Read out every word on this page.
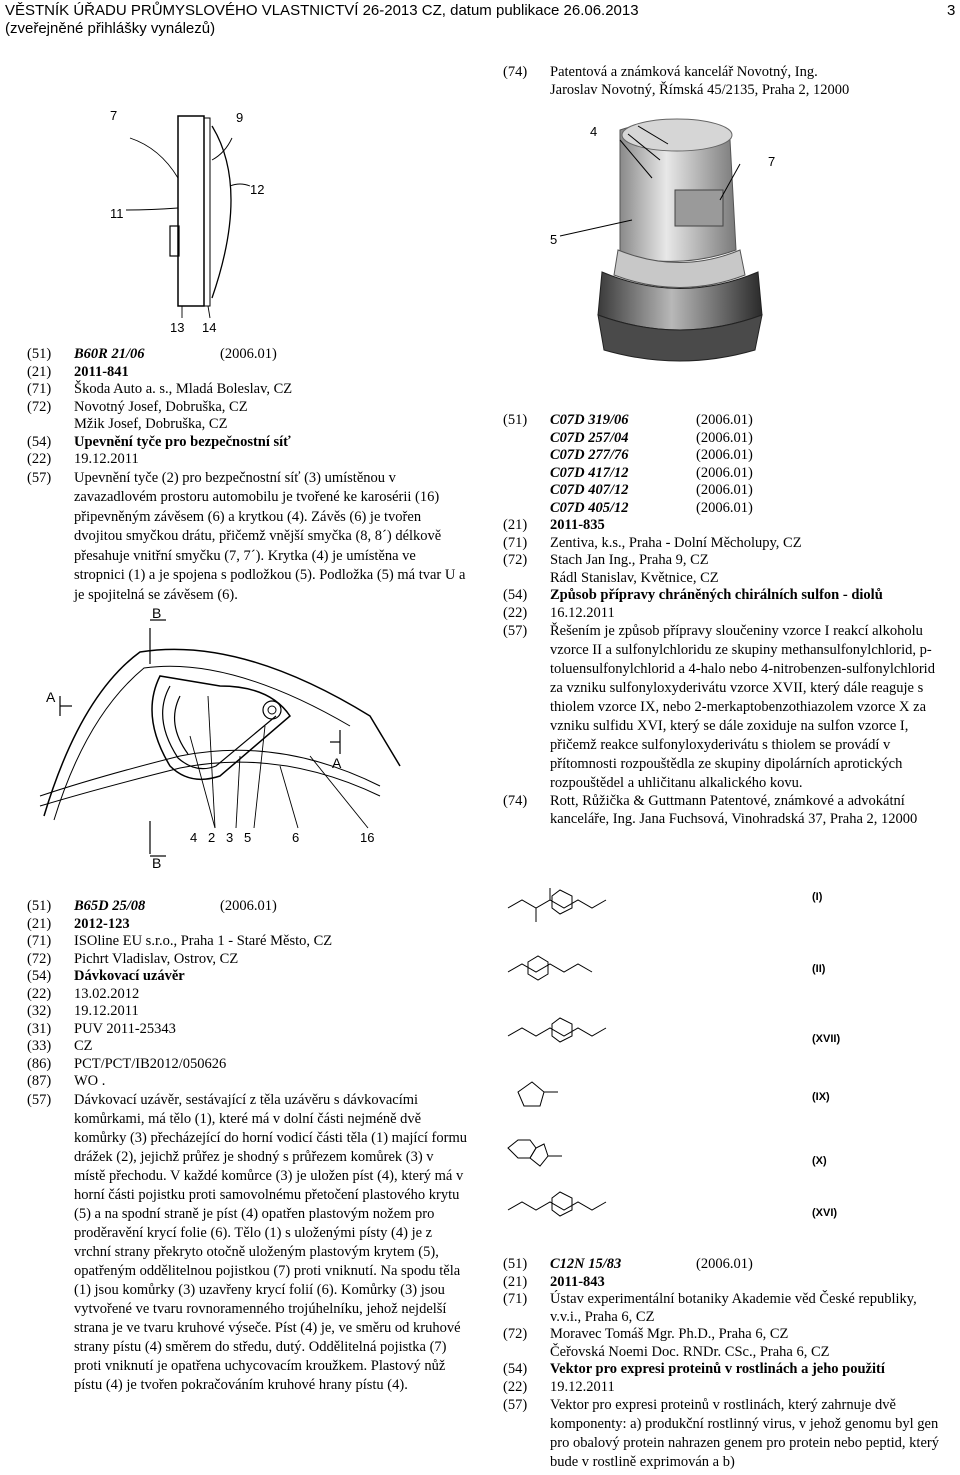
VĚSTNÍK ÚŘADU PRŮMYSLOVÉHO VLASTNICTVÍ 26-2013 CZ, datum publikace 26.06.2013
(zveřejněné přihlášky vynálezů)
3
(74)	Patentová a známková kancelář Novotný, Ing. Jaroslav Novotný, Římská 45/2135, Praha 2, 12000
7	9
12
11
13 14
4
7
5
(51)	B60R 21/06	(2006.01)
(21)	2011-841
(71)	Škoda Auto a. s., Mladá Boleslav, CZ
(72)	Novotný Josef, Dobruška, CZ
Mžik Josef, Dobruška, CZ
(54)	Upevnění tyče pro bezpečnostní síť
(22)	19.12.2011
(57)	Upevnění tyče (2) pro bezpečnostní síť (3) umístěnou v zavazadlovém prostoru automobilu je tvořené ke karosérii (16) připevněným závěsem (6) a krytkou (4). Závěs (6) je tvořen dvojitou smyčkou drátu, přičemž vnější smyčka (8, 8´) délkově přesahuje vnitřní smyčku (7, 7´). Krytka (4) je umístěna ve stropnici (1) a je spojena s podložkou (5). Podložka (5) má tvar U a je spojitelná se závěsem (6).
B
A
A
B
4 2 3 5	6	16
(51)	C07D 319/06	(2006.01)
C07D 257/04	(2006.01)
C07D 277/76	(2006.01)
C07D 417/12	(2006.01)
C07D 407/12	(2006.01)
C07D 405/12	(2006.01)
(21)	2011-835
(71)	Zentiva, k.s., Praha - Dolní Měcholupy, CZ
(72)	Stach Jan Ing., Praha 9, CZ
Rádl Stanislav, Květnice, CZ
(54)	Způsob přípravy chráněných chirálních sulfon - diolů
(22)	16.12.2011
(57)	Řešením je způsob přípravy sloučeniny vzorce I reakcí alkoholu vzorce II a sulfonylchloridu ze skupiny methansulfonylchlorid, p-toluensulfonylchlorid a 4-halo nebo 4-nitrobenzen-sulfonylchlorid za vzniku sulfonyloxyderivátu vzorce XVII, který dále reaguje s thiolem vzorce IX, nebo 2-merkaptobenzothiazolem vzorce X za vzniku sulfidu XVI, který se dále zoxiduje na sulfon vzorce I, přičemž reakce sulfonyloxyderivátu s thiolem se provádí v přítomnosti rozpouštědla ze skupiny dipolárních aprotických rozpouštědel a uhličitanu alkalického kovu.
(74)	Rott, Růžička & Guttmann Patentové, známkové a advokátní kanceláře, Ing. Jana Fuchsová, Vinohradská 37, Praha 2, 12000
(51)	B65D 25/08	(2006.01)
(21)	2012-123
(71)	ISOline EU s.r.o., Praha 1 - Staré Město, CZ
(72)	Pichrt Vladislav, Ostrov, CZ
(54)	Dávkovací uzávěr
(22)	13.02.2012
(32)	19.12.2011
(31)	PUV 2011-25343
(33)	CZ
(86)	PCT/PCT/IB2012/050626
(87)	WO .
(57)	Dávkovací uzávěr, sestávající z těla uzávěru s dávkovacími komůrkami, má tělo (1), které má v dolní části nejméně dvě komůrky (3) přecházející do horní vodicí části těla (1) mající formu drážek (2), jejichž průřez je shodný s průřezem komůrek (3) v místě přechodu. V každé komůrce (3) je uložen píst (4), který má v horní části pojistku proti samovolnému přetočení plastového krytu (5) a na spodní straně je píst (4) opatřen plastovým nožem pro proděravění krycí folie (6). Tělo (1) s uloženými písty (4) je z vrchní strany překryto otočně uloženým plastovým krytem (5), opatřeným oddělitelnou pojistkou (7) proti vniknutí. Na spodu těla (1) jsou komůrky (3) uzavřeny krycí folií (6). Komůrky (3) jsou vytvořené ve tvaru rovnoramenného trojúhelníku, jehož nejdelší strana je ve tvaru kruhové výseče. Píst (4) je, ve směru od kruhové strany pístu (4) směrem do středu, dutý. Oddělitelná pojistka (7) proti vniknutí je opatřena uchycovacím kroužkem. Plastový nůž pístu (4) je tvořen pokračováním kruhové hrany pístu (4).
(I)
(II)
(XVII)
(IX)
(X)
(XVI)
(51)	C12N 15/83	(2006.01)
(21)	2011-843
(71)	Ústav experimentální botaniky Akademie věd České republiky, v.v.i., Praha 6, CZ
(72)	Moravec Tomáš Mgr. Ph.D., Praha 6, CZ
Čeřovská Noemi Doc. RNDr. CSc., Praha 6, CZ
(54)	Vektor pro expresi proteinů v rostlinách a jeho použití
(22)	19.12.2011
(57)	Vektor pro expresi proteinů v rostlinách, který zahrnuje dvě komponenty: a) produkční rostlinný virus, v jehož genomu byl gen pro obalový protein nahrazen genem pro protein nebo peptid, který bude v rostlině exprimován a b)
